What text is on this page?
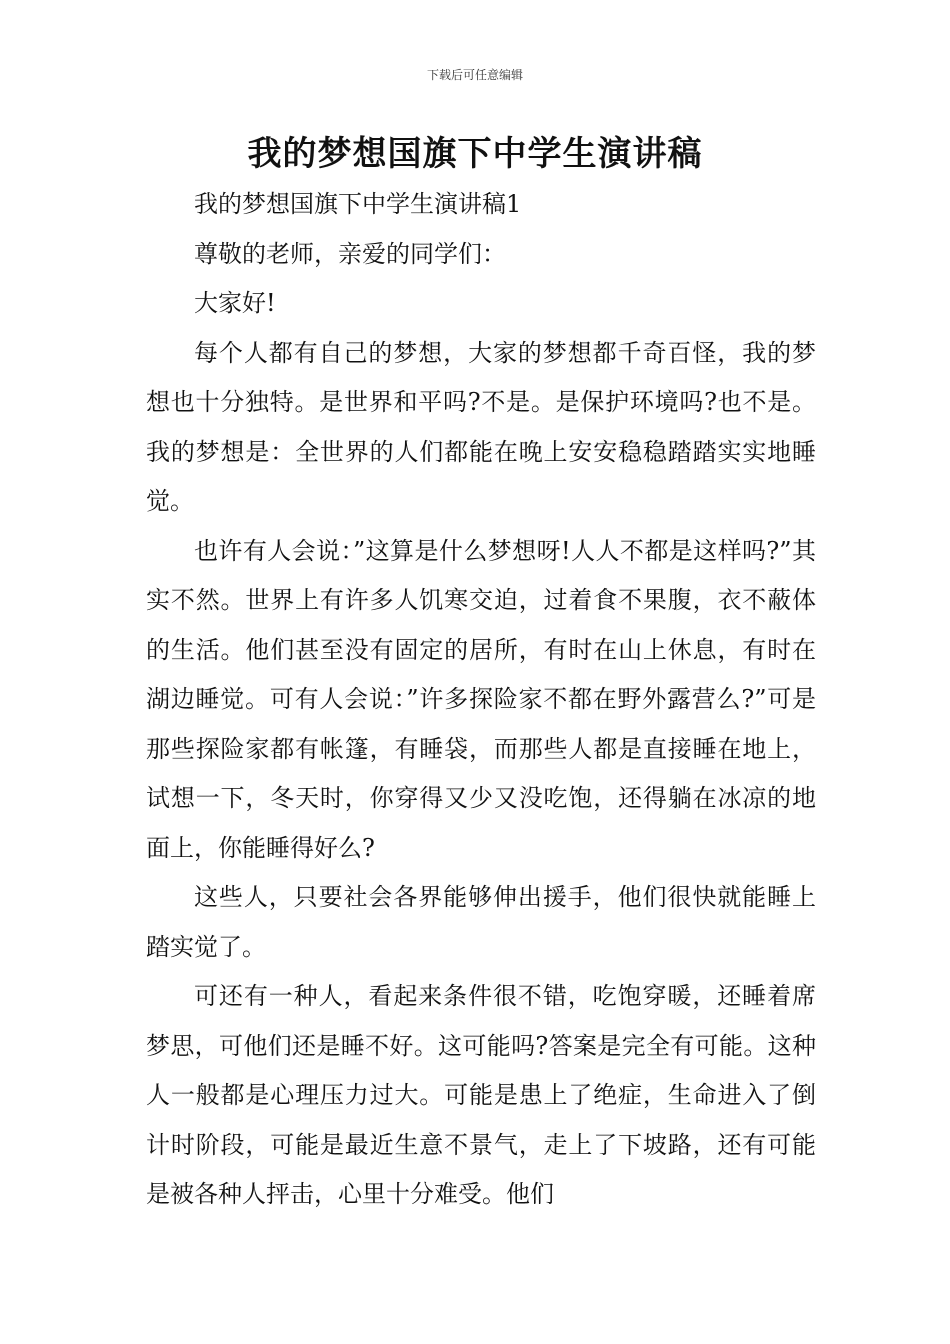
下载后可任意编辑
我的梦想国旗下中学生演讲稿

我的梦想国旗下中学生演讲稿1

尊敬的老师，亲爱的同学们：

大家好!

每个人都有自己的梦想，大家的梦想都千奇百怪，我的梦想也十分独特。是世界和平吗?不是。是保护环境吗?也不是。我的梦想是：全世界的人们都能在晚上安安稳稳踏踏实实地睡觉。

也许有人会说：”这算是什么梦想呀!人人不都是这样吗?”其实不然。世界上有许多人饥寒交迫，过着食不果腹，衣不蔽体的生活。他们甚至没有固定的居所，有时在山上休息，有时在湖边睡觉。可有人会说：”许多探险家不都在野外露营么?”可是那些探险家都有帐篷，有睡袋，而那些人都是直接睡在地上，试想一下，冬天时，你穿得又少又没吃饱，还得躺在冰凉的地面上，你能睡得好么?

这些人，只要社会各界能够伸出援手，他们很快就能睡上踏实觉了。

可还有一种人，看起来条件很不错，吃饱穿暖，还睡着席梦思，可他们还是睡不好。这可能吗?答案是完全有可能。这种人一般都是心理压力过大。可能是患上了绝症，生命进入了倒计时阶段，可能是最近生意不景气，走上了下坡路，还有可能是被各种人抨击，心里十分难受。他们
